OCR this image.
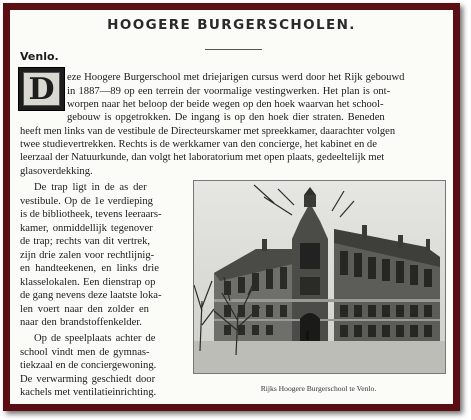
HOOGERE BURGERSCHOLEN.
Venlo.
D	eze Hoogere Burgerschool met driejarigen cursus werd door het Rijk gebouwd
in 1887—89 op een terrein der voormalige vestingwerken. Het plan is ont-
worpen naar het beloop der beide wegen op den hoek waarvan het school-
gebouw is opgetrokken. De ingang is op den hoek dier straten. Beneden
heeft men links van de vestibule de Directeurskamer met spreekkamer, daarachter volgen
twee studievertrekken. Rechts is de werkkamer van den concierge, het kabinet en de
leerzaal der Natuurkunde, dan volgt het laboratorium met open plaats, gedeeltelijk met
glasoverdekking.
De trap ligt in de as der
vestibule. Op de 1e verdieping
is de bibliotheek, tevens leeraars-
kamer, onmiddellijk tegenover
de trap; rechts van dit vertrek,
zijn drie zalen voor rechtlijnig-
en handteekenen, en links drie
klasselokalen. Een dienstrap op
de gang nevens deze laatste loka-
len voert naar den zolder en
naar den brandstoffenkelder.
Op de speelplaats achter de
school vindt men de gymnas-
tiekzaal en de conciergewoning.
De verwarming geschiedt door
kachels met ventilatieinrichting.	Rijks Hoogere Burgerschool te Venlo.
